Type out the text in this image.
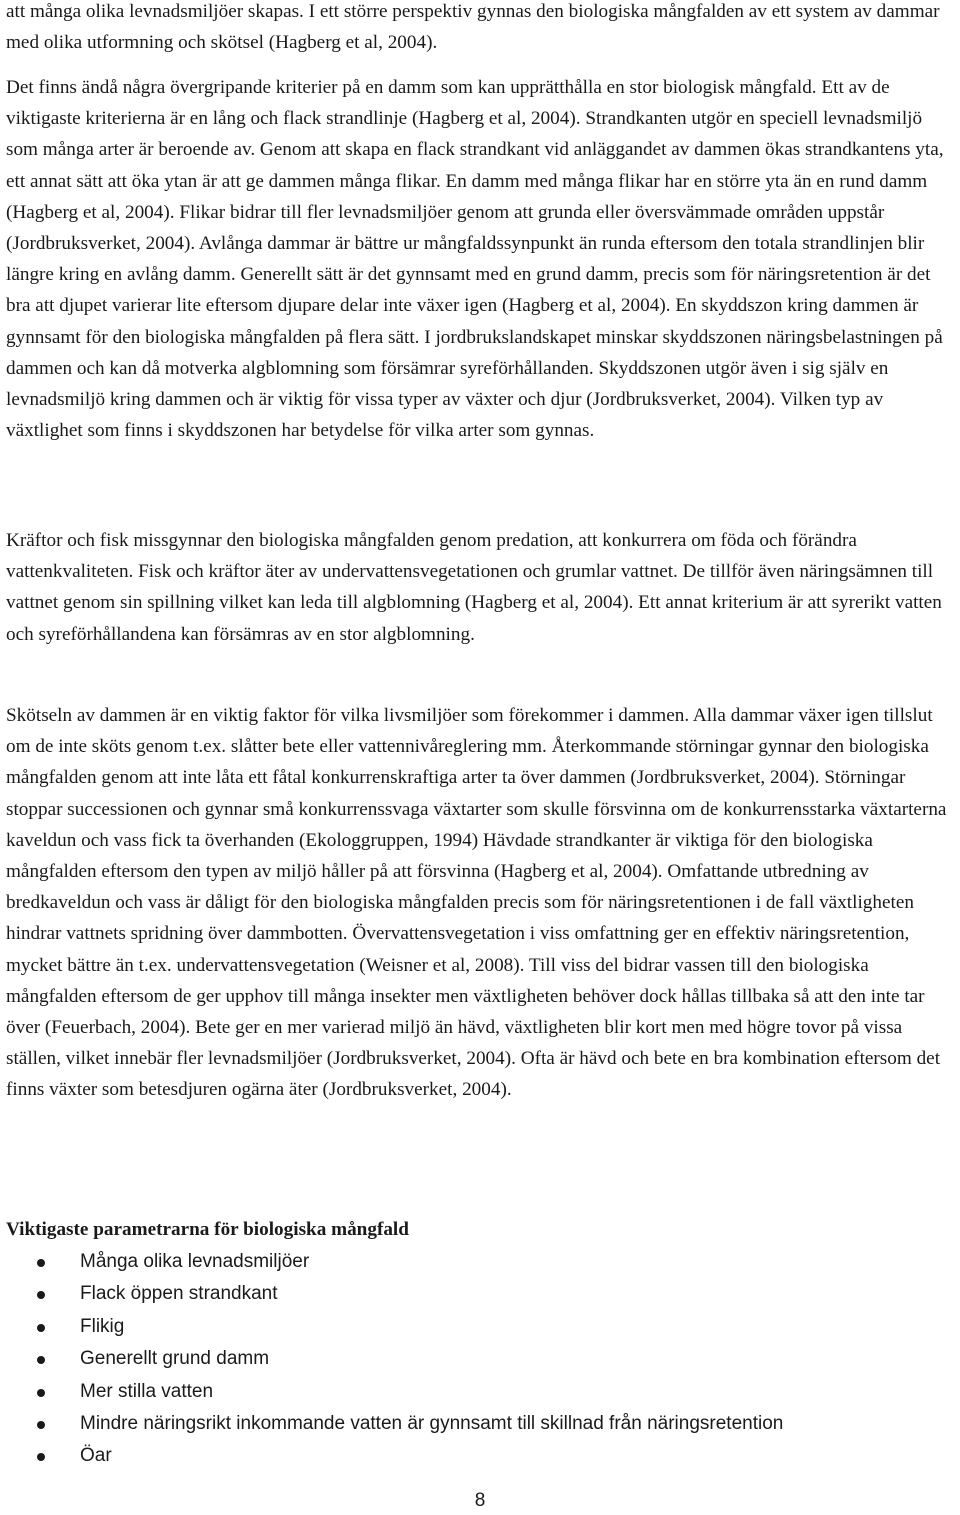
att många olika levnadsmiljöer skapas. I ett större perspektiv gynnas den biologiska mångfalden av ett system av dammar med olika utformning och skötsel (Hagberg et al, 2004).

Det finns ändå några övergripande kriterier på en damm som kan upprätthålla en stor biologisk mångfald. Ett av de viktigaste kriterierna är en lång och flack strandlinje (Hagberg et al, 2004). Strandkanten utgör en speciell levnadsmiljö som många arter är beroende av. Genom att skapa en flack strandkant vid anläggandet av dammen ökas strandkantens yta, ett annat sätt att öka ytan är att ge dammen många flikar. En damm med många flikar har en större yta än en rund damm (Hagberg et al, 2004). Flikar bidrar till fler levnadsmiljöer genom att grunda eller översvämmade områden uppstår (Jordbruksverket, 2004). Avlånga dammar är bättre ur mångfaldssynpunkt än runda eftersom den totala strandlinjen blir längre kring en avlång damm. Generellt sätt är det gynnsamt med en grund damm, precis som för näringsretention är det bra att djupet varierar lite eftersom djupare delar inte växer igen (Hagberg et al, 2004). En skyddszon kring dammen är gynnsamt för den biologiska mångfalden på flera sätt. I jordbrukslandskapet minskar skyddszonen näringsbelastningen på dammen och kan då motverka algblomning som försämrar syreförhållanden. Skyddszonen utgör även i sig själv en levnadsmiljö kring dammen och är viktig för vissa typer av växter och djur (Jordbruksverket, 2004). Vilken typ av växtlighet som finns i skyddszonen har betydelse för vilka arter som gynnas.

Kräftor och fisk missgynnar den biologiska mångfalden genom predation, att konkurrera om föda och förändra vattenkvaliteten. Fisk och kräftor äter av undervattensvegetationen och grumlar vattnet. De tillför även näringsämnen till vattnet genom sin spillning vilket kan leda till algblomning (Hagberg et al, 2004). Ett annat kriterium är att syrerikt vatten och syreförhållandena kan försämras av en stor algblomning.

Skötseln av dammen är en viktig faktor för vilka livsmiljöer som förekommer i dammen. Alla dammar växer igen tillslut om de inte sköts genom t.ex. slåtter bete eller vattennivåreglering mm. Återkommande störningar gynnar den biologiska mångfalden genom att inte låta ett fåtal konkurrenskraftiga arter ta över dammen (Jordbruksverket, 2004). Störningar stoppar successionen och gynnar små konkurrenssvaga växtarter som skulle försvinna om de konkurrensstarka växtarterna kaveldun och vass fick ta överhanden (Ekologgruppen, 1994) Hävdade strandkanter är viktiga för den biologiska mångfalden eftersom den typen av miljö håller på att försvinna (Hagberg et al, 2004). Omfattande utbredning av bredkaveldun och vass är dåligt för den biologiska mångfalden precis som för näringsretentionen i de fall växtligheten hindrar vattnets spridning över dammbotten. Övervattensvegetation i viss omfattning ger en effektiv näringsretention, mycket bättre än t.ex. undervattensvegetation (Weisner et al, 2008). Till viss del bidrar vassen till den biologiska mångfalden eftersom de ger upphov till många insekter men växtligheten behöver dock hållas tillbaka så att den inte tar över (Feuerbach, 2004). Bete ger en mer varierad miljö än hävd, växtligheten blir kort men med högre tovor på vissa ställen, vilket innebär fler levnadsmiljöer (Jordbruksverket, 2004). Ofta är hävd och bete en bra kombination eftersom det finns växter som betesdjuren ogärna äter (Jordbruksverket, 2004).

Viktigaste parametrarna för biologiska mångfald

Många olika levnadsmiljöer
Flack öppen strandkant
Flikig
Generellt grund damm
Mer stilla vatten
Mindre näringsrikt inkommande vatten är gynnsamt till skillnad från näringsretention
Öar
8
